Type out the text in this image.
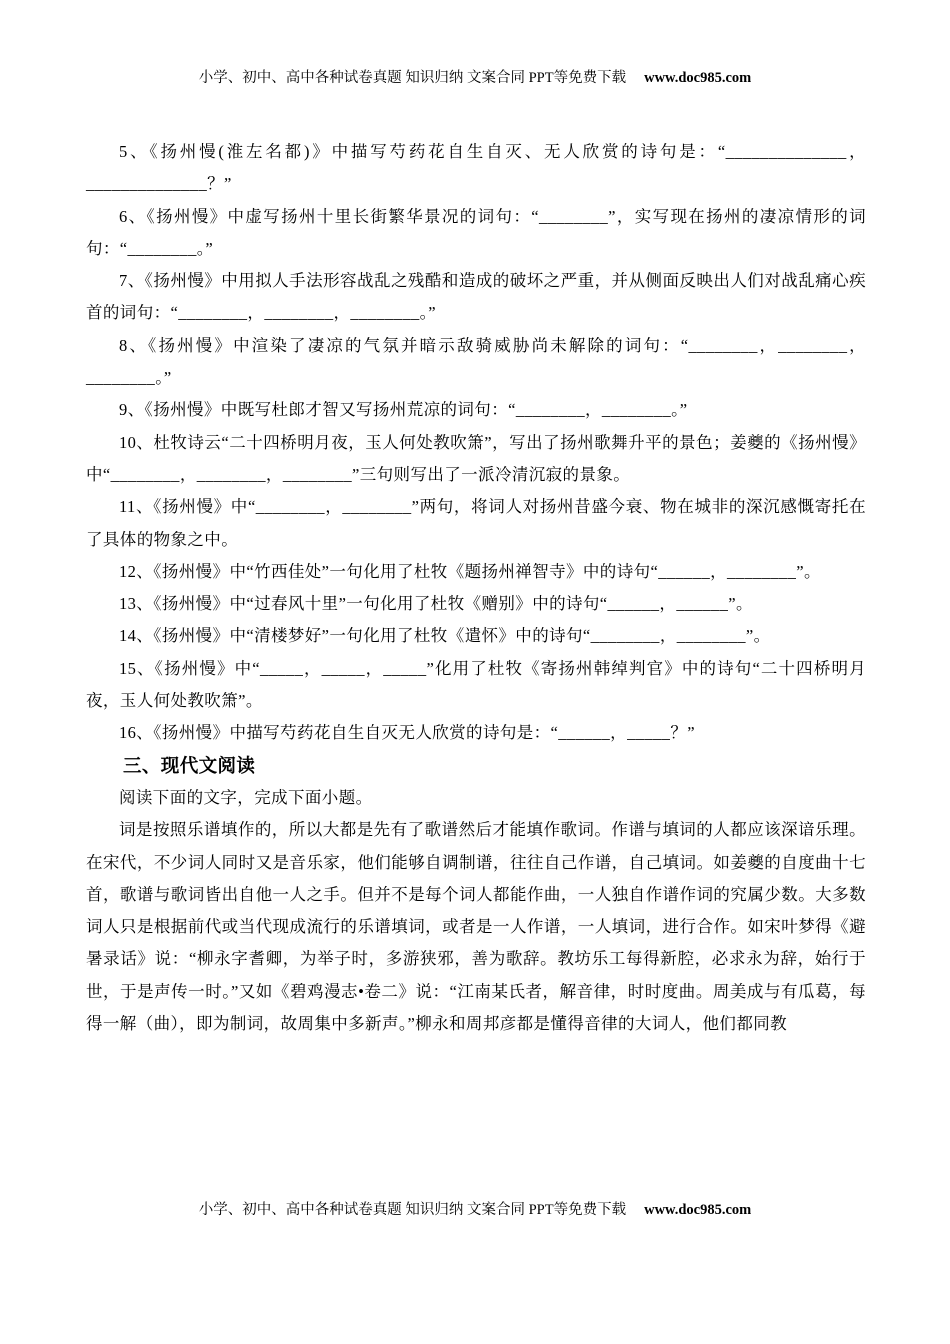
小学、初中、高中各种试卷真题 知识归纳 文案合同 PPT等免费下载 www.doc985.com

5、《扬州慢(淮左名都)》中描写芍药花自生自灭、无人欣赏的诗句是：“______________，______________？”

6、《扬州慢》中虚写扬州十里长街繁华景况的词句：“________”，实写现在扬州的凄凉情形的词句：“________。”

7、《扬州慢》中用拟人手法形容战乱之残酷和造成的破坏之严重，并从侧面反映出人们对战乱痛心疾首的词句：“________，________，________。”

8、《扬州慢》中渲染了凄凉的气氛并暗示敌骑威胁尚未解除的词句：“________，________，________。”

9、《扬州慢》中既写杜郎才智又写扬州荒凉的词句：“________，________。”

10、杜牧诗云“二十四桥明月夜，玉人何处教吹箫”，写出了扬州歌舞升平的景色；姜夔的《扬州慢》中“________，________，________”三句则写出了一派冷清沉寂的景象。

11、《扬州慢》中“________，________”两句，将词人对扬州昔盛今衰、物在城非的深沉感慨寄托在了具体的物象之中。

12、《扬州慢》中“竹西佳处”一句化用了杜牧《题扬州禅智寺》中的诗句“______，________”。

13、《扬州慢》中“过春风十里”一句化用了杜牧《赠别》中的诗句“______，______”。

14、《扬州慢》中“清楼梦好”一句化用了杜牧《遣怀》中的诗句“________，________”。

15、《扬州慢》中“_____，_____，_____”化用了杜牧《寄扬州韩绰判官》中的诗句“二十四桥明月夜，玉人何处教吹箫”。

16、《扬州慢》中描写芍药花自生自灭无人欣赏的诗句是：“______，_____？”

三、现代文阅读

阅读下面的文字，完成下面小题。

词是按照乐谱填作的，所以大都是先有了歌谱然后才能填作歌词。作谱与填词的人都应该深谙乐理。在宋代，不少词人同时又是音乐家，他们能够自调制谱，往往自己作谱，自己填词。如姜夔的自度曲十七首，歌谱与歌词皆出自他一人之手。但并不是每个词人都能作曲，一人独自作谱作词的究属少数。大多数词人只是根据前代或当代现成流行的乐谱填词，或者是一人作谱，一人填词，进行合作。如宋叶梦得《避暑录话》说：“柳永字耆卿，为举子时，多游狭邪，善为歌辞。教坊乐工每得新腔，必求永为辞，始行于世，于是声传一时。”又如《碧鸡漫志•卷二》说：“江南某氏者，解音律，时时度曲。周美成与有瓜葛，每得一解（曲），即为制词，故周集中多新声。”柳永和周邦彦都是懂得音律的大词人，他们都同教

小学、初中、高中各种试卷真题 知识归纳 文案合同 PPT等免费下载 www.doc985.com
